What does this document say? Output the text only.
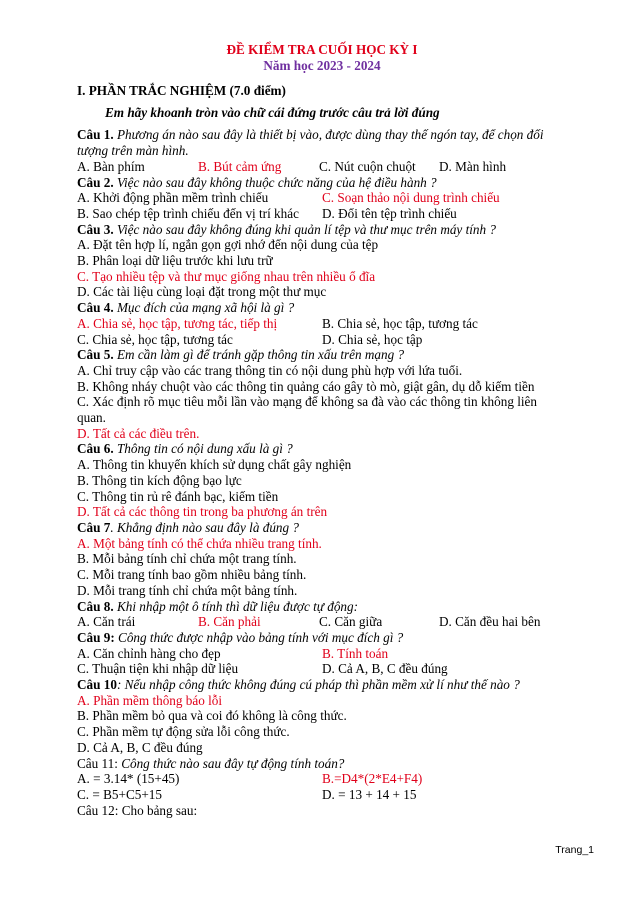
ĐỀ KIỂM TRA CUỐI HỌC KỲ I
Năm học 2023 - 2024
I. PHẦN TRẮC NGHIỆM (7.0 điểm)
Em hãy khoanh tròn vào chữ cái đứng trước câu trả lời đúng
Câu 1. Phương án nào sau đây là thiết bị vào, được dùng thay thế ngón tay, để chọn đối tượng trên màn hình.
A. Bàn phím	B. Bút cảm ứng	C. Nút cuộn chuột	D. Màn hình
Câu 2. Việc nào sau đây không thuộc chức năng của hệ điều hành ?
A. Khởi động phần mềm trình chiếu	C. Soạn thảo nội dung trình chiếu
B. Sao chép tệp trình chiếu đến vị trí khác	D. Đổi tên tệp trình chiếu
Câu 3. Việc nào sau đây không đúng khi quản lí tệp và thư mục trên máy tính ?
A. Đặt tên hợp lí, ngắn gọn gợi nhớ đến nội dung của tệp
B. Phân loại dữ liệu trước khi lưu trữ
C. Tạo nhiều tệp và thư mục giống nhau trên nhiều ổ đĩa
D. Các tài liệu cùng loại đặt trong một thư mục
Câu 4. Mục đích của mạng xã hội là gì ?
A. Chia sẻ, học tập, tương tác, tiếp thị	B. Chia sẻ, học tập, tương tác
C. Chia sẻ, học tập, tương tác	D. Chia sẻ, học tập
Câu 5. Em cần làm gì để tránh gặp thông tin xấu trên mạng ?
A. Chỉ truy cập vào các trang thông tin có nội dung phù hợp với lứa tuổi.
B. Không nháy chuột vào các thông tin quảng cáo gây tò mò, giật gân, dụ dỗ kiếm tiền
C. Xác định rõ mục tiêu mỗi lần vào mạng để không sa đà vào các thông tin không liên quan.
D. Tất cả các điều trên.
Câu 6. Thông tin có nội dung xấu là gì ?
A. Thông tin khuyến khích sử dụng chất gây nghiện
B. Thông tin kích động bạo lực
C. Thông tin rủ rê đánh bạc, kiếm tiền
D. Tất cả các thông tin trong ba phương án trên
Câu 7. Khẳng định nào sau đây là đúng ?
A. Một bảng tính có thể chứa nhiều trang tính.
B. Mỗi bảng tính chỉ chứa một trang tính.
C. Mỗi trang tính bao gồm nhiều bảng tính.
D. Mỗi trang tính chỉ chứa một bảng tính.
Câu 8. Khi nhập một ô tính thì dữ liệu được tự động:
A. Căn trái	B. Căn phải	C. Căn giữa	D. Căn đều hai bên
Câu 9: Công thức được nhập vào bảng tính với mục đích gì ?
A. Căn chỉnh hàng cho đẹp	B. Tính toán
C. Thuận tiện khi nhập dữ liệu	D. Cả A, B, C đều đúng
Câu 10: Nếu nhập công thức không đúng cú pháp thì phần mềm xử lí như thế nào ?
A. Phần mềm thông báo lỗi
B. Phần mềm bỏ qua và coi đó không là công thức.
C. Phần mềm tự động sửa lỗi công thức.
D. Cả A, B, C đều đúng
Câu 11: Công thức nào sau đây tự động tính toán?
A. = 3.14* (15+45)	B.=D4*(2*E4+F4)
C. = B5+C5+15	D. = 13 + 14 + 15
Câu 12: Cho bảng sau:
Trang_1
